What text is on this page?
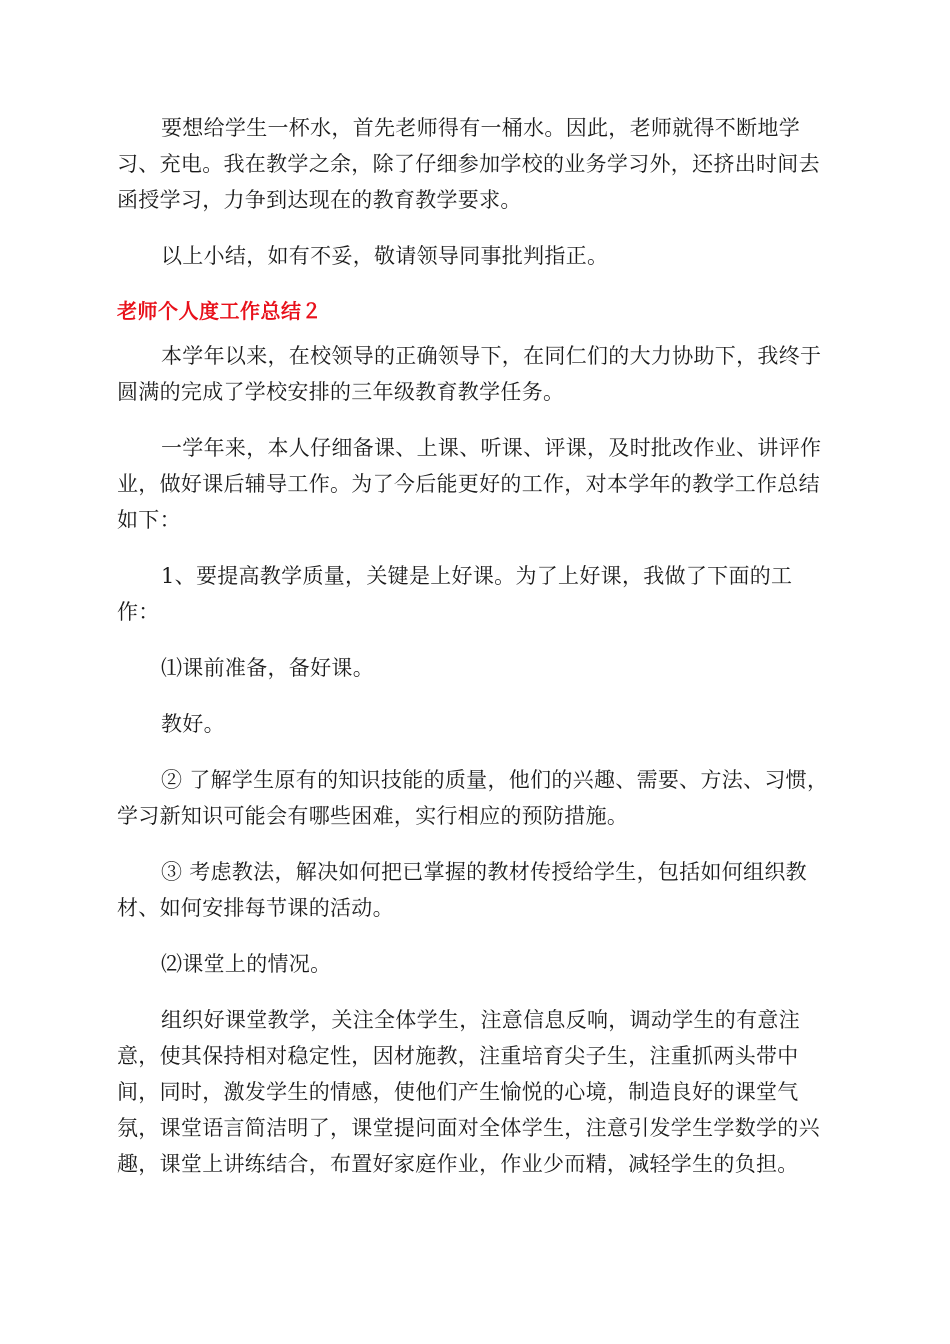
要想给学生一杯水，首先老师得有一桶水。因此，老师就得不断地学习、充电。我在教学之余，除了仔细参加学校的业务学习外，还挤出时间去函授学习，力争到达现在的教育教学要求。

以上小结，如有不妥，敬请领导同事批判指正。

老师个人度工作总结２

本学年以来，在校领导的正确领导下，在同仁们的大力协助下，我终于圆满的完成了学校安排的三年级教育教学任务。

一学年来，本人仔细备课、上课、听课、评课，及时批改作业、讲评作业，做好课后辅导工作。为了今后能更好的工作，对本学年的教学工作总结如下：

1、要提高教学质量，关键是上好课。为了上好课，我做了下面的工作：

⑴课前准备，备好课。

教好。

② 了解学生原有的知识技能的质量，他们的兴趣、需要、方法、习惯，学习新知识可能会有哪些困难，实行相应的预防措施。

③ 考虑教法，解决如何把已掌握的教材传授给学生，包括如何组织教材、如何安排每节课的活动。

⑵课堂上的情况。

组织好课堂教学，关注全体学生，注意信息反响，调动学生的有意注意，使其保持相对稳定性，因材施教，注重培育尖子生，注重抓两头带中间，同时，激发学生的情感，使他们产生愉悦的心境，制造良好的课堂气氛，课堂语言简洁明了，课堂提问面对全体学生，注意引发学生学数学的兴趣，课堂上讲练结合，布置好家庭作业，作业少而精，减轻学生的负担。
